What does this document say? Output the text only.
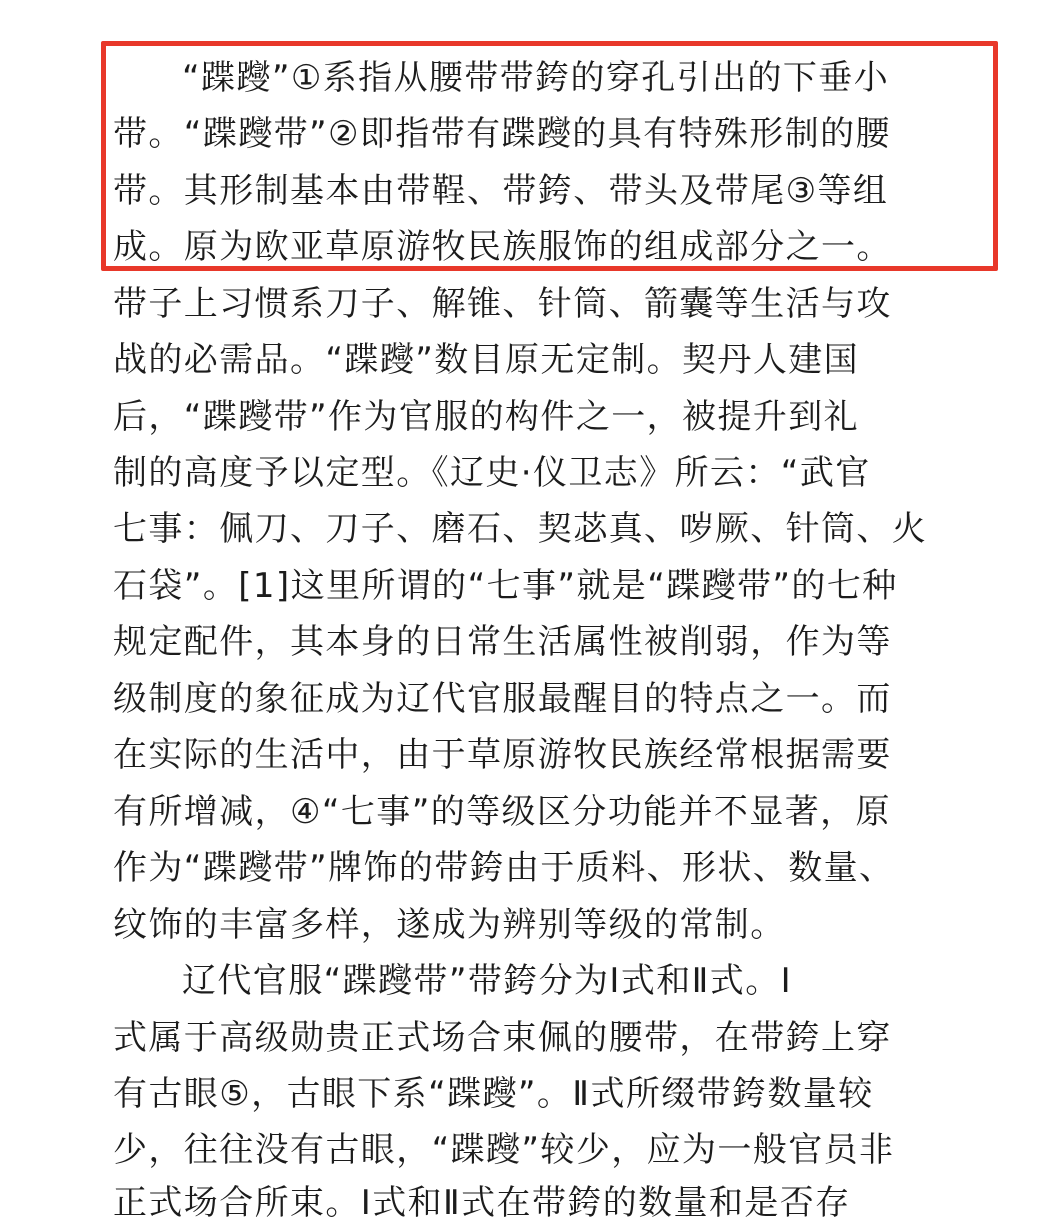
“蹀躞”①系指从腰带带銙的穿孔引出的下垂小
带。“蹀躞带”②即指带有蹀躞的具有特殊形制的腰
带。其形制基本由带鞓、带銙、带头及带尾③等组
成。原为欧亚草原游牧民族服饰的组成部分之一。
带子上习惯系刀子、解锥、针筒、箭囊等生活与攻
战的必需品。“蹀躞”数目原无定制。契丹人建国
后，“蹀躞带”作为官服的构件之一，被提升到礼
制的高度予以定型。《辽史·仪卫志》所云：“武官
七事：佩刀、刀子、磨石、契苾真、哕厥、针筒、火
石袋”。[1]这里所谓的“七事”就是“蹀躞带”的七种
规定配件，其本身的日常生活属性被削弱，作为等
级制度的象征成为辽代官服最醒目的特点之一。而
在实际的生活中，由于草原游牧民族经常根据需要
有所增减，④“七事”的等级区分功能并不显著，原
作为“蹀躞带”牌饰的带銙由于质料、形状、数量、
纹饰的丰富多样，遂成为辨别等级的常制。
辽代官服“蹀躞带”带銙分为Ⅰ式和Ⅱ式。Ⅰ
式属于高级勋贵正式场合束佩的腰带，在带銙上穿
有古眼⑤，古眼下系“蹀躞”。Ⅱ式所缀带銙数量较
少，往往没有古眼，“蹀躞”较少，应为一般官员非
正式场合所束。Ⅰ式和Ⅱ式在带銙的数量和是否存
